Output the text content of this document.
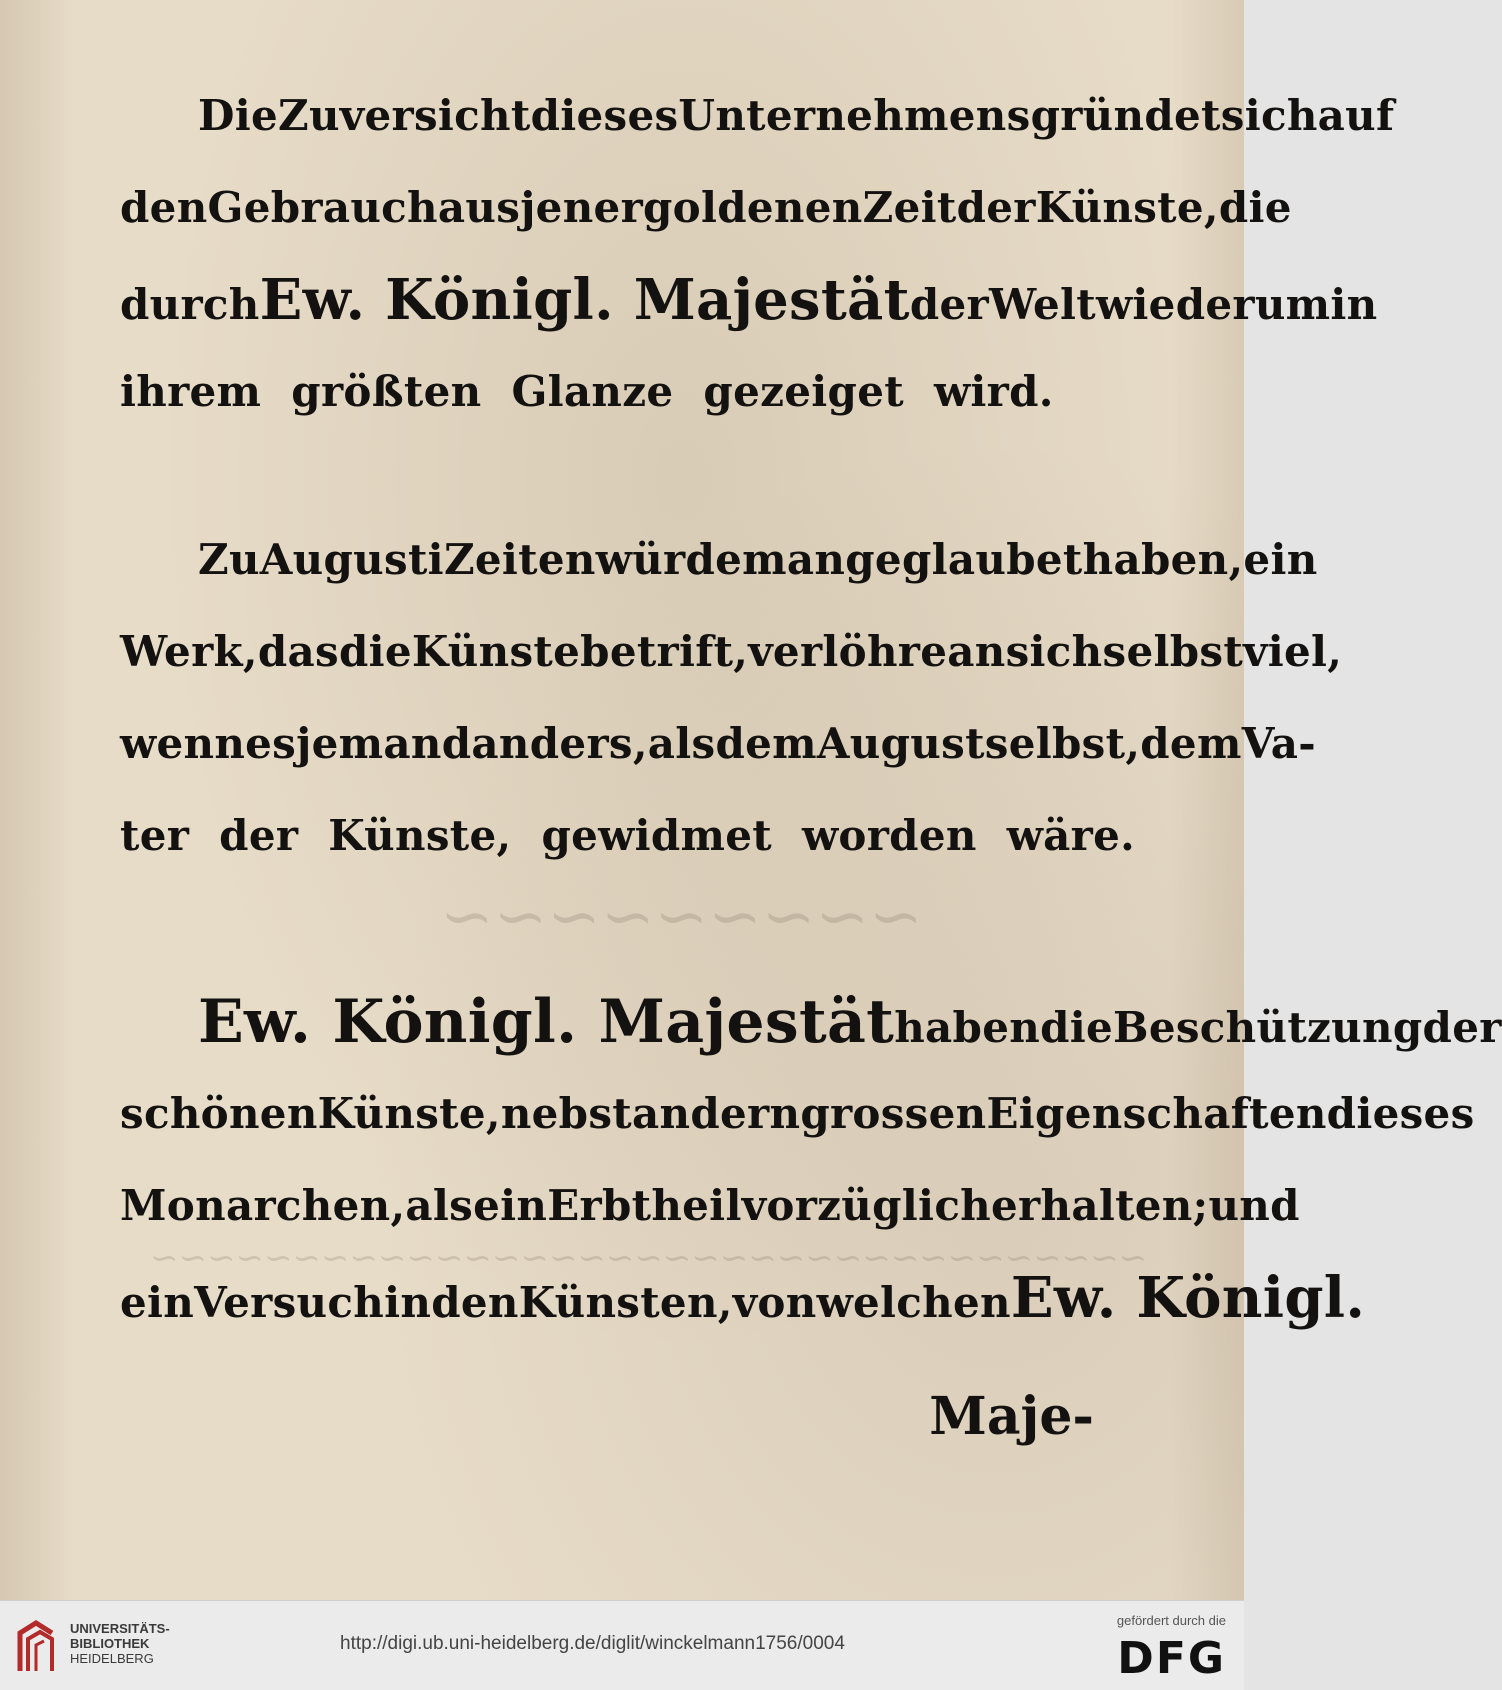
~~~~~~~~~
~~~~~~~~~~~~~~~~~~~~~~~~~~~~~~~~~~~
Die Zuversicht dieses Unternehmens gründet sich auf
den Gebrauch aus jener goldenen Zeit der Künste, die
durch Ew. Königl. Majestät der Welt wiederum in
ihrem größten Glanze gezeiget wird.
Zu Augusti Zeiten würde man geglaubet haben, ein
Werk, das die Künste betrift, verlöhre an sich selbst viel,
wenn es jemand anders, als dem August selbst, dem Va-
ter der Künste, gewidmet worden wäre.
Ew. Königl. Majestät haben die Beschützung der
schönen Künste, nebst andern grossen Eigenschaften dieses
Monarchen, als ein Erbtheil vorzüglich erhalten; und
ein Versuch in den Künsten, von welchen Ew. Königl.
Maje-
UNIVERSITÄTS-
BIBLIOTHEK
HEIDELBERG
http://digi.ub.uni-heidelberg.de/diglit/winckelmann1756/0004
gefördert durch die
DFG
